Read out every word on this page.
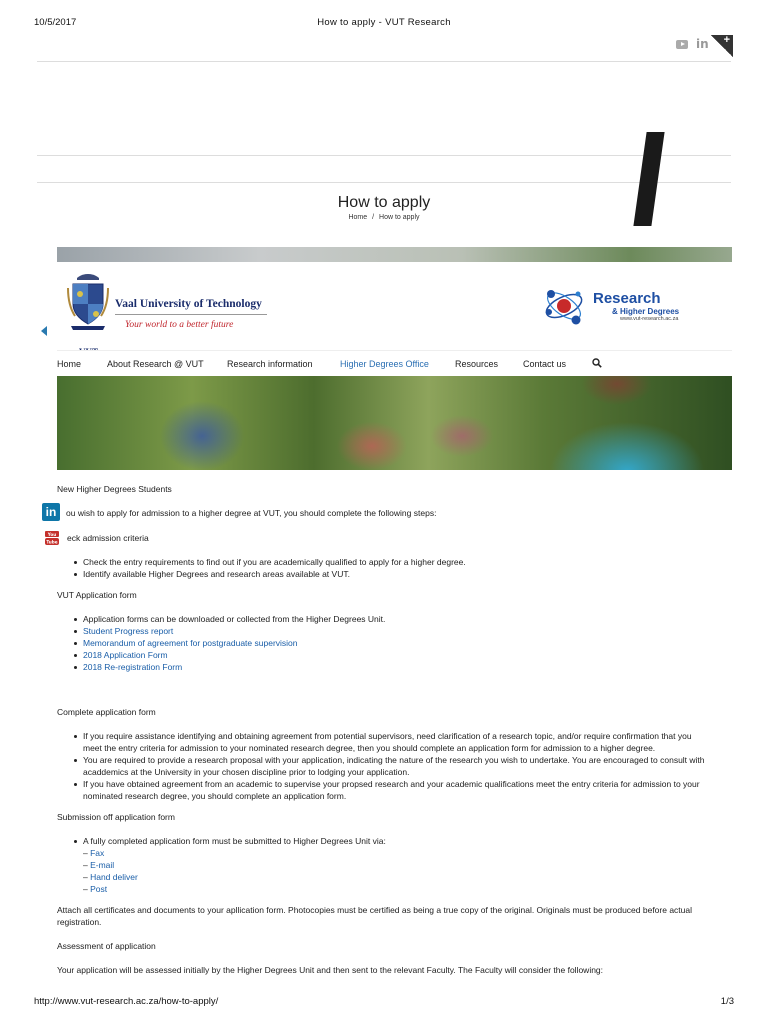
10/5/2017	How to apply - VUT Research
in +
How to apply
Home / How to apply
Vaal University of Technology
Your world to a better future
Research
& Higher Degrees
www.vut-research.ac.za
Home	About Research @ VUT	Research information	Higher Degrees Office	Resources	Contact us
in
You
Tube
New Higher Degrees Students
ou wish to apply for admission to a higher degree at VUT, you should complete the following steps:
eck admission criteria
Check the entry requirements to find out if you are academically qualified to apply for a higher degree.
Identify available Higher Degrees and research areas available at VUT.
VUT Application form
Application forms can be downloaded or collected from the Higher Degrees Unit.
Student Progress report
Memorandum of agreement for postgraduate supervision
2018 Application Form
2018 Re-registration Form
Complete application form
If you require assistance identifying and obtaining agreement from potential supervisors, need clarification of a research topic, and/or require confirmation that you
meet the entry criteria for admission to your nominated research degree, then you should complete an application form for admission to a higher degree.
You are required to provide a research proposal with your application, indicating the nature of the research you wish to undertake. You are encouraged to consult with
acaddemics at the University in your chosen discipline prior to lodging your application.
If you have obtained agreement from an academic to supervise your propsed research and your academic qualifications meet the entry criteria for admission to your
nominated research degree, you should complete an application form.
Submission off application form
A fully completed application form must be submitted to Higher Degrees Unit via:
– Fax
– E-mail
– Hand deliver
– Post
Attach all certificates and documents to your apllication form. Photocopies must be certified as being a true copy of the original. Originals must be produced before actual
registration.
Assessment of application
Your application will be assessed initially by the Higher Degrees Unit and then sent to the relevant Faculty. The Faculty will consider the following:
http://www.vut-research.ac.za/how-to-apply/	1/3
